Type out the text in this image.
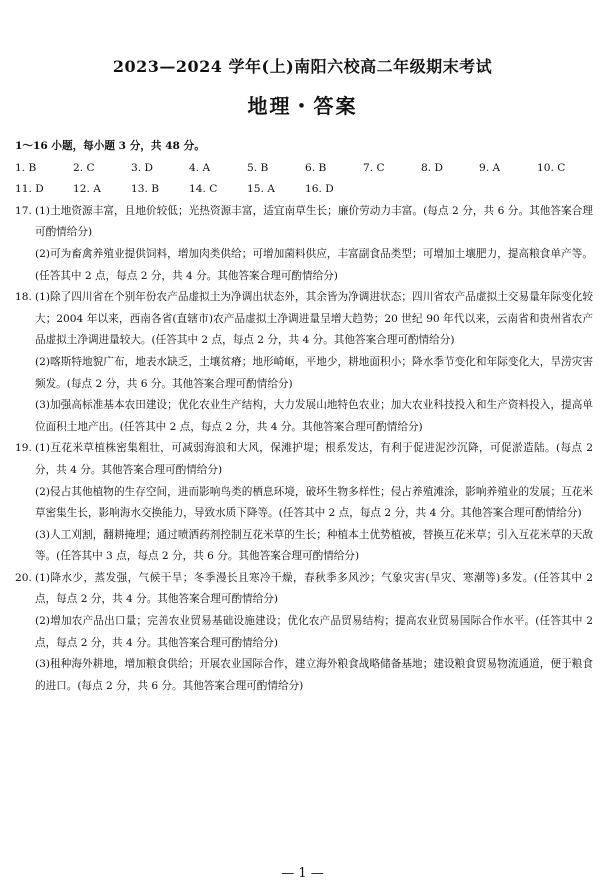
2023—2024 学年(上)南阳六校高二年级期末考试
地理・答案
1～16 小题，每小题 3 分，共 48 分。
1. B	2. C	3. D	4. A	5. B	6. B	7. C	8. D	9. A	10. C
11. D	12. A	13. B	14. C	15. A	16. D
17. (1)土地资源丰富，且地价较低；光热资源丰富，适宜南草生长；廉价劳动力丰富。(每点 2 分，共 6 分。其他答案合理可酌情给分)
(2)可为畜禽养殖业提供饲料，增加肉类供给；可增加菌料供应，丰富副食品类型；可增加土壤肥力，提高粮食单产等。(任答其中 2 点，每点 2 分，共 4 分。其他答案合理可酌情给分)
18. (1)除了四川省在个别年份农产品虚拟土为净调出状态外，其余皆为净调进状态；四川省农产品虚拟土交易量年际变化较大；2004 年以来，西南各省(直辖市)农产品虚拟土净调进量呈增大趋势；20 世纪 90 年代以来，云南省和贵州省农产品虚拟土净调进量较大。(任答其中 2 点，每点 2 分，共 4 分。其他答案合理可酌情给分)
(2)喀斯特地貌广布，地表水缺乏，土壤贫瘠；地形崎岖，平地少，耕地面积小；降水季节变化和年际变化大，旱涝灾害频发。(每点 2 分，共 6 分。其他答案合理可酌情给分)
(3)加强高标准基本农田建设；优化农业生产结构，大力发展山地特色农业；加大农业科技投入和生产资料投入，提高单位面积土地产出。(任答其中 2 点，每点 2 分，共 4 分。其他答案合理可酌情给分)
19. (1)互花米草植株密集粗壮，可减弱海浪和大风，保滩护堤；根系发达，有利于促进泥沙沉降，可促淤造陆。(每点 2 分，共 4 分。其他答案合理可酌情给分)
(2)侵占其他植物的生存空间，进而影响鸟类的栖息环境，破坏生物多样性；侵占养殖滩涂，影响养殖业的发展；互花米草密集生长，影响海水交换能力，导致水质下降等。(任答其中 2 点，每点 2 分，共 4 分。其他答案合理可酌情给分)
(3)人工刈割，翻耕掩埋；通过喷洒药剂控制互花米草的生长；种植本土优势植被，替换互花米草；引入互花米草的天敌等。(任答其中 3 点，每点 2 分，共 6 分。其他答案合理可酌情给分)
20. (1)降水少，蒸发强，气候干旱；冬季漫长且寒冷干燥，春秋季多风沙；气象灾害(旱灾、寒潮等)多发。(任答其中 2 点，每点 2 分，共 4 分。其他答案合理可酌情给分)
(2)增加农产品出口量；完善农业贸易基础设施建设；优化农产品贸易结构；提高农业贸易国际合作水平。(任答其中 2 点，每点 2 分，共 4 分。其他答案合理可酌情给分)
(3)租种海外耕地，增加粮食供给；开展农业国际合作，建立海外粮食战略储备基地；建设粮食贸易物流通道，便于粮食的进口。(每点 2 分，共 6 分。其他答案合理可酌情给分)
— 1 —
